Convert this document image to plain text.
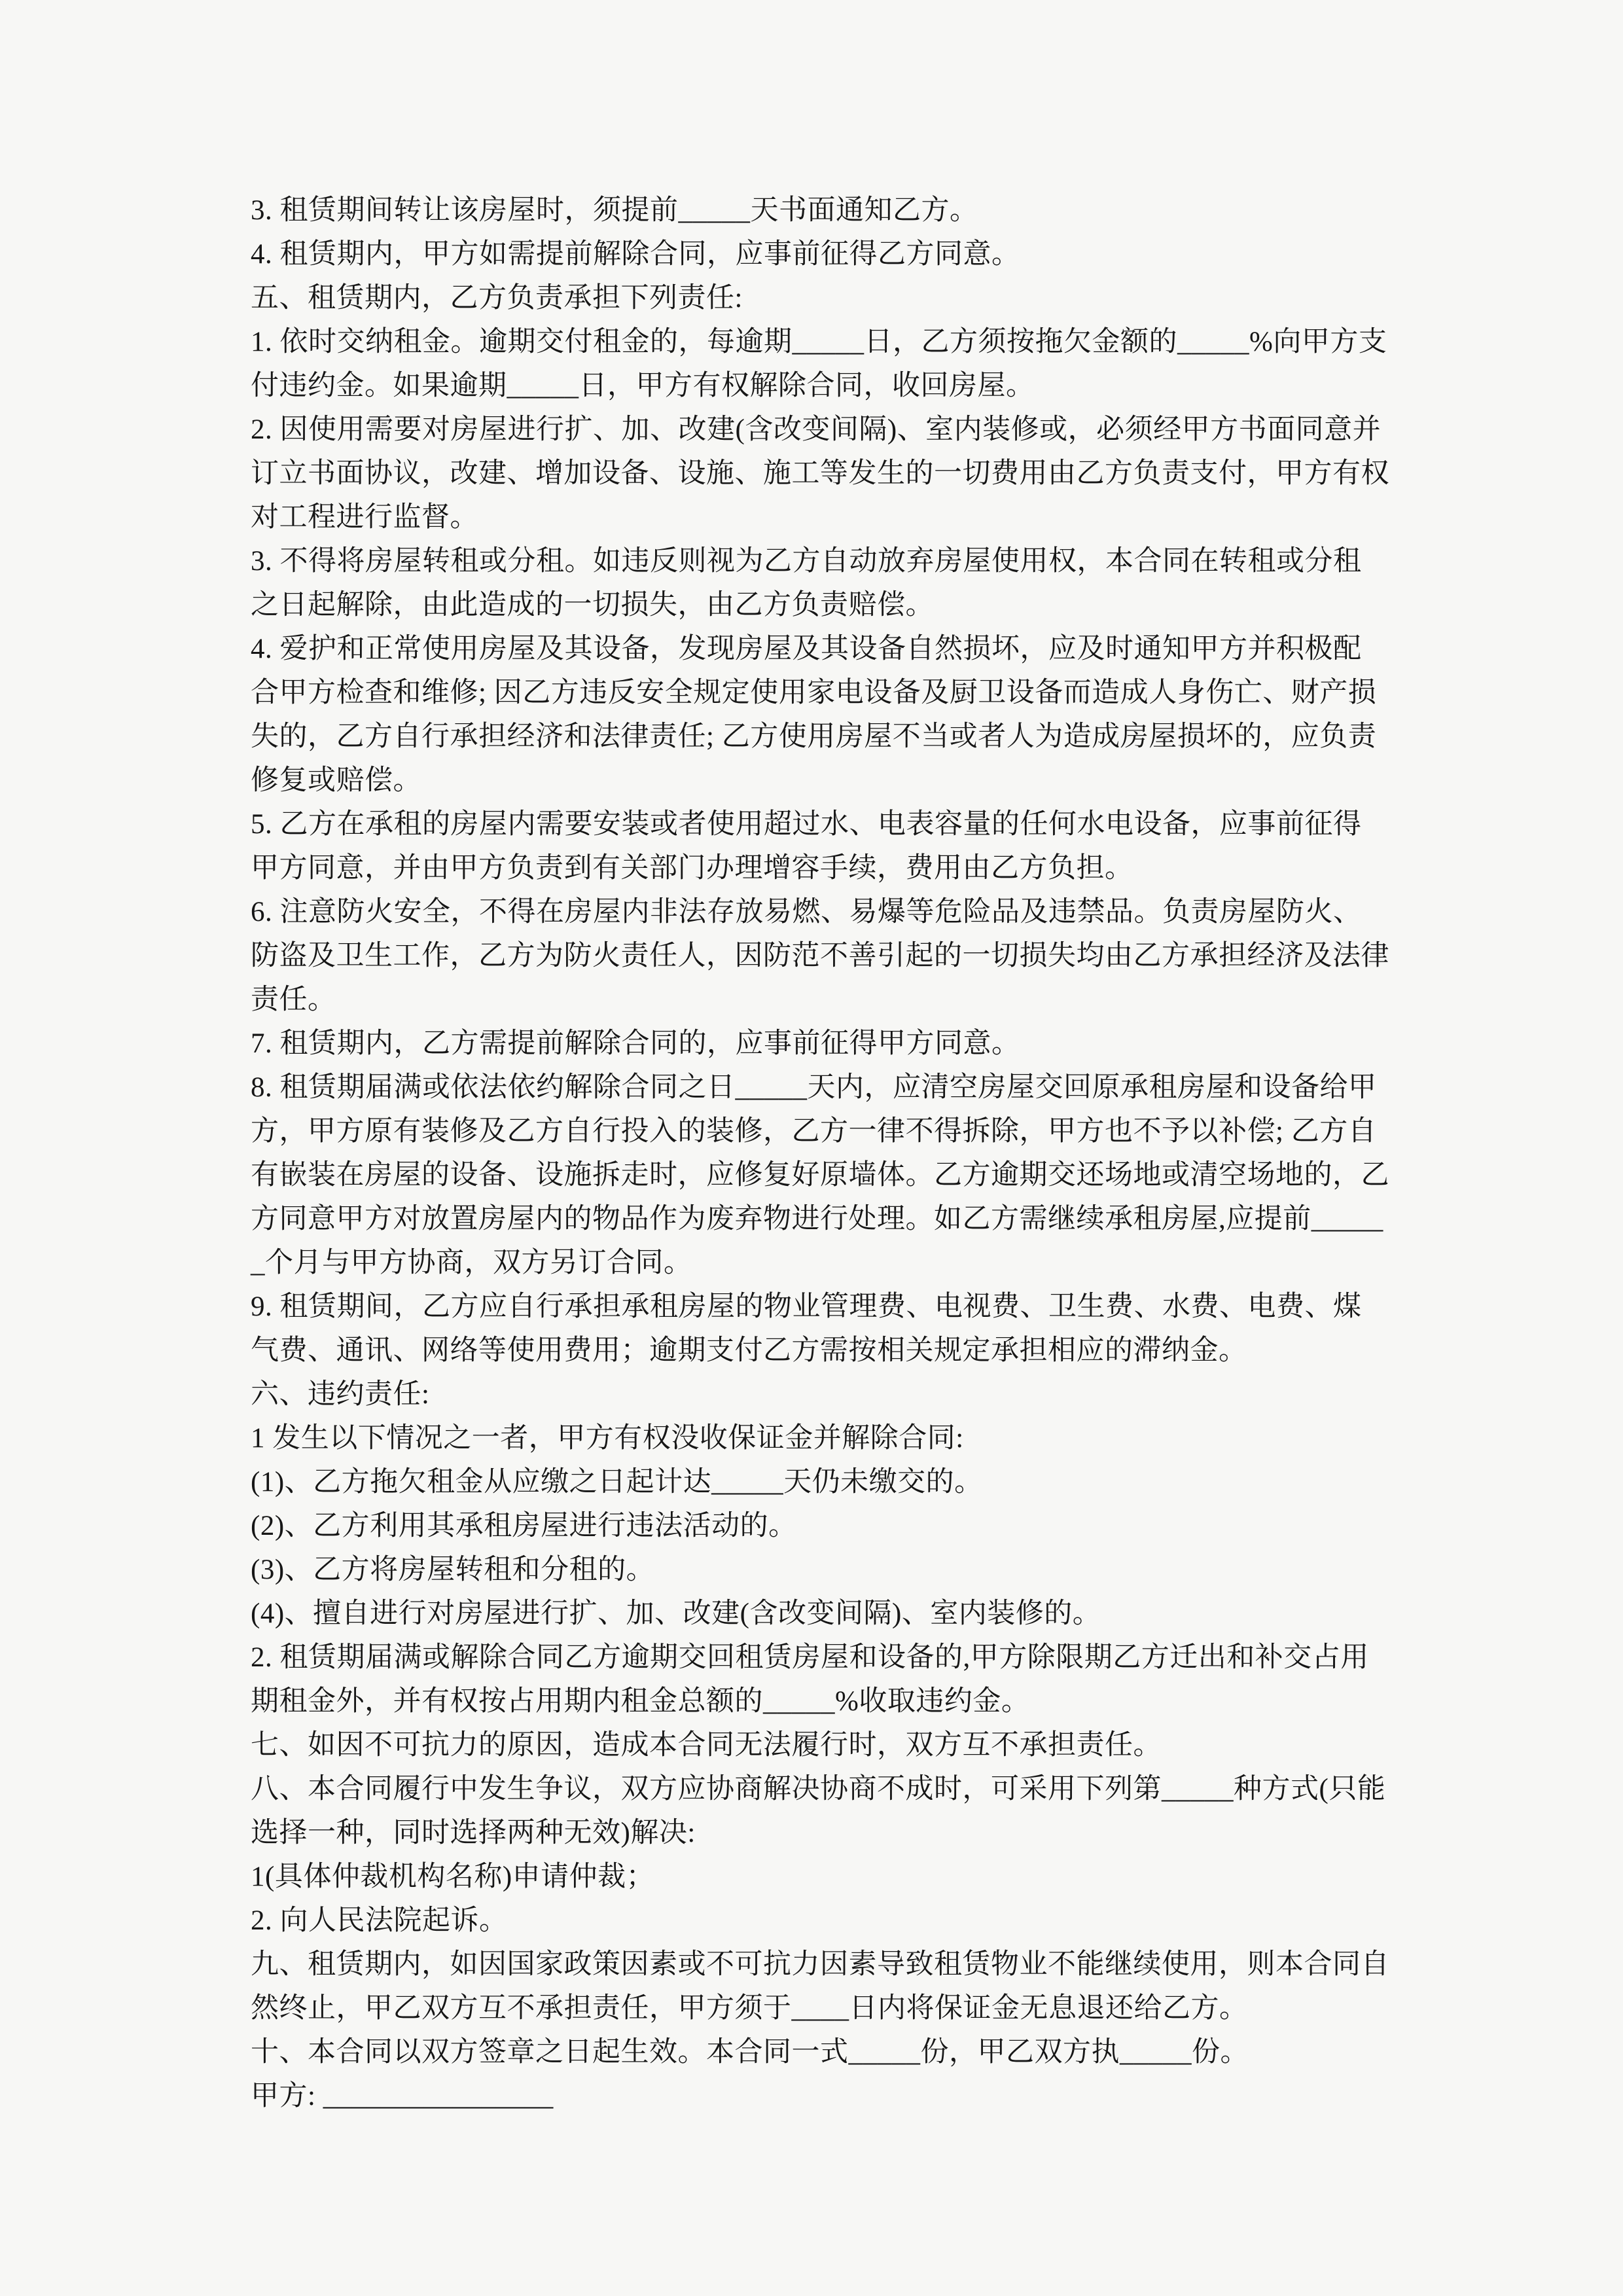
3. 租赁期间转让该房屋时，须提前_____天书面通知乙方。

4. 租赁期内，甲方如需提前解除合同，应事前征得乙方同意。

五、租赁期内，乙方负责承担下列责任:

1. 依时交纳租金。逾期交付租金的，每逾期_____日，乙方须按拖欠金额的_____%向甲方支付违约金。如果逾期_____日，甲方有权解除合同，收回房屋。

2. 因使用需要对房屋进行扩、加、改建(含改变间隔)、室内装修或，必须经甲方书面同意并订立书面协议，改建、增加设备、设施、施工等发生的一切费用由乙方负责支付，甲方有权对工程进行监督。

3. 不得将房屋转租或分租。如违反则视为乙方自动放弃房屋使用权，本合同在转租或分租之日起解除，由此造成的一切损失，由乙方负责赔偿。

4. 爱护和正常使用房屋及其设备，发现房屋及其设备自然损坏，应及时通知甲方并积极配合甲方检查和维修; 因乙方违反安全规定使用家电设备及厨卫设备而造成人身伤亡、财产损失的，乙方自行承担经济和法律责任; 乙方使用房屋不当或者人为造成房屋损坏的，应负责修复或赔偿。

5. 乙方在承租的房屋内需要安装或者使用超过水、电表容量的任何水电设备，应事前征得甲方同意，并由甲方负责到有关部门办理增容手续，费用由乙方负担。

6. 注意防火安全，不得在房屋内非法存放易燃、易爆等危险品及违禁品。负责房屋防火、防盗及卫生工作，乙方为防火责任人，因防范不善引起的一切损失均由乙方承担经济及法律责任。

7. 租赁期内，乙方需提前解除合同的，应事前征得甲方同意。

8. 租赁期届满或依法依约解除合同之日_____天内，应清空房屋交回原承租房屋和设备给甲方，甲方原有装修及乙方自行投入的装修，乙方一律不得拆除，甲方也不予以补偿; 乙方自有嵌装在房屋的设备、设施拆走时，应修复好原墙体。乙方逾期交还场地或清空场地的，乙方同意甲方对放置房屋内的物品作为废弃物进行处理。如乙方需继续承租房屋,应提前______个月与甲方协商，双方另订合同。

9. 租赁期间，乙方应自行承担承租房屋的物业管理费、电视费、卫生费、水费、电费、煤气费、通讯、网络等使用费用；逾期支付乙方需按相关规定承担相应的滞纳金。

六、违约责任:

1 发生以下情况之一者，甲方有权没收保证金并解除合同:

(1)、乙方拖欠租金从应缴之日起计达_____天仍未缴交的。

(2)、乙方利用其承租房屋进行违法活动的。

(3)、乙方将房屋转租和分租的。

(4)、擅自进行对房屋进行扩、加、改建(含改变间隔)、室内装修的。

2. 租赁期届满或解除合同乙方逾期交回租赁房屋和设备的,甲方除限期乙方迁出和补交占用期租金外，并有权按占用期内租金总额的_____%收取违约金。

七、如因不可抗力的原因，造成本合同无法履行时，双方互不承担责任。

八、本合同履行中发生争议，双方应协商解决协商不成时，可采用下列第_____种方式(只能选择一种，同时选择两种无效)解决:

1(具体仲裁机构名称)申请仲裁；

2. 向人民法院起诉。

九、租赁期内，如因国家政策因素或不可抗力因素导致租赁物业不能继续使用，则本合同自然终止，甲乙双方互不承担责任，甲方须于____日内将保证金无息退还给乙方。

十、本合同以双方签章之日起生效。本合同一式_____份，甲乙双方执_____份。

甲方: ________________
